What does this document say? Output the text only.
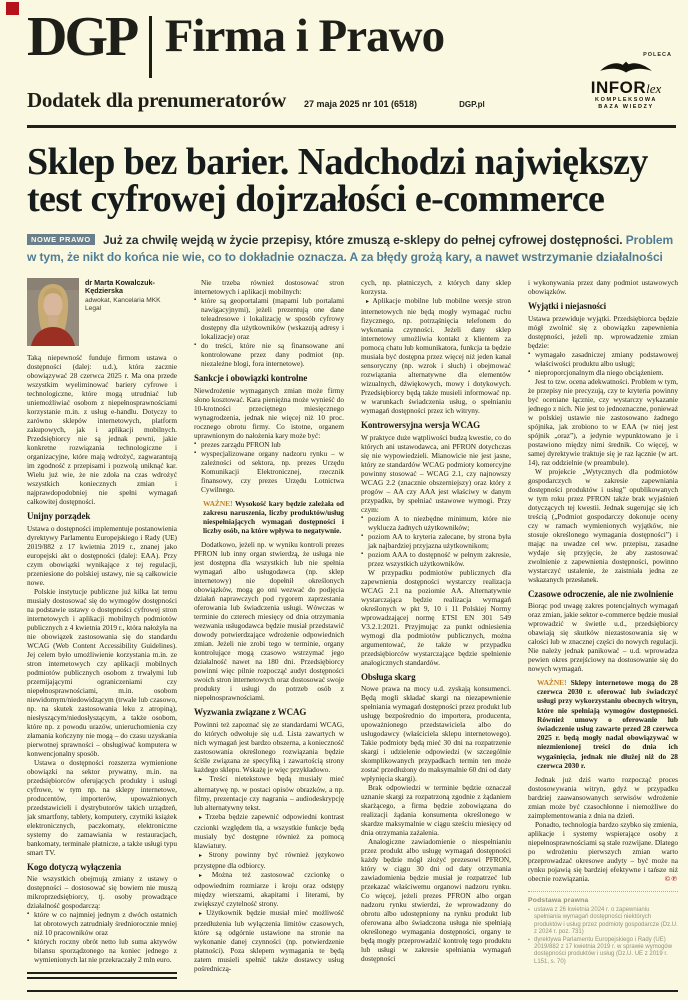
DGP Firma i Prawo
Dodatek dla prenumeratorów 27 maja 2025 nr 101 (6518)	DGP.pl
POLECA
INFORlex
KOMPLEKSOWA
BAZA WIEDZY
Sklep bez barier. Nadchodzi największy test cyfrowej dojrzałości e-commerce

NOWE PRAWO Już za chwilę wejdą w życie przepisy, które zmuszą e-sklepy do pełnej cyfrowej dostępności. Problem w tym, że nikt do końca nie wie, co to dokładnie oznacza. A za błędy grożą kary, a nawet wstrzymanie działalności

dr Marta Kowalczuk-Kędzierska
adwokat, Kancelaria MKK Legal

Taką niepewność funduje firmom ustawa o dostępności (dalej: u.d.), która zacznie obowiązywać 28 czerwca 2025 r. Ma ona przede wszystkim wyeliminować bariery cyfrowe i technologiczne, które mogą utrudniać lub uniemożliwiać osobom z niepełnosprawnościami korzystanie m.in. z usług e-handlu. Dotyczy to zarówno sklepów internetowych, platform zakupowych, jak i aplikacji mobilnych. Przedsiębiorcy nie są jednak pewni, jakie konkretne rozwiązania technologiczne i organizacyjne, które mają wdrożyć, zagwarantują im zgodność z przepisami i pozwolą uniknąć kar. Wielu już wie, że nie zdoła na czas wdrożyć wszystkich koniecznych zmian i najprawdopodobniej nie spełni wymagań całkowitej dostępności.

Unijny porządek

Ustawa o dostępności implementuje postanowienia dyrektywy Parlamentu Europejskiego i Rady (UE) 2019/882 z 17 kwietnia 2019 r., znanej jako europejski akt o dostępności (dalej: EAA). Przy czym obowiązki wynikające z tej regulacji, przeniesione do polskiej ustawy, nie są całkowicie nowe.

Polskie instytucje publiczne już kilka lat temu musiały dostosować się do wymogów dostępności na podstawie ustawy o dostępności cyfrowej stron internetowych i aplikacji mobilnych podmiotów publicznych z 4 kwietnia 2019 r., która nałożyła na nie obowiązek zastosowania się do standardu WCAG (Web Content Accessibility Guidelines). Jej celem było umożliwienie korzystania m.in. ze stron internetowych czy aplikacji mobilnych podmiotów publicznych osobom z trwałymi lub przemijającymi ograniczeniami czy niepełnosprawnościami, m.in. osobom niewidomym/niedowidzącym (trwale lub czasowo, np. na skutek zastosowania leku z atropiną), niesłyszącym/niedosłyszącym, a także osobom, które np. z powodu urazów, unieruchomienia czy złamania kończyny nie mogą – do czasu uzyskania pierwotnej sprawności – obsługiwać komputera w konwencjonalny sposób.

Ustawa o dostępności rozszerza wymienione obowiązki na sektor prywatny, m.in. na przedsiębiorców oferujących produkty i usługi cyfrowe, w tym np. na sklepy internetowe, producentów, importerów, upoważnionych przedstawicieli i dystrybutorów takich urządzeń, jak smartfony, tablety, komputery, czytniki książek elektronicznych, paczkomaty, elektroniczne systemy do zamawiania w restauracjach, bankomaty, terminale płatnicze, a także usługi typu smart TV.

Kogo dotyczą wyłączenia

Nie wszystkich obejmują zmiany z ustawy o dostępności – dostosować się bowiem nie muszą mikroprzedsiębiorcy, tj. osoby prowadzące działalność gospodarczą:

▪ które w co najmniej jednym z dwóch ostatnich lat obrotowych zatrudniały średniorocznie mniej niż 10 pracowników oraz
▪ których roczny obrót netto lub suma aktywów bilansu sporządzonego na koniec jednego z wymienionych lat nie przekraczały 2 mln euro.

Nie trzeba również dostosować stron internetowych i aplikacji mobilnych:

▪ które są geoportalami (mapami lub portalami nawigacyjnymi), jeżeli prezentują one dane teleadresowe i lokalizację w sposób cyfrowy dostępny dla użytkowników (wskazują adresy i lokalizacje) oraz
▪ do treści, które nie są finansowane ani kontrolowane przez dany podmiot (np. niezależne blogi, fora internetowe).
Sankcje i obowiązki kontrolne

Niewdrożenie wymaganych zmian może firmy słono kosztować. Kara pieniężna może wynieść do 10-krotności przeciętnego miesięcznego wynagrodzenia, jednak nie więcej niż 10 proc. rocznego obrotu firmy. Co istotne, organem uprawnionym do nałożenia kary może być:

▪ prezes zarządu PFRON lub
▪ wyspecjalizowane organy nadzoru rynku – w zależności od sektora, np. prezes Urzędu Komunikacji Elektronicznej, rzecznik finansowy, czy prezes Urzędu Lotnictwa Cywilnego.
WAŻNE! Wysokość kary będzie zależała od zakresu naruszenia, liczby produktów/usług niespełniających wymagań dostępności i liczby osób, na które wpływa to negatywnie.

Dodatkowo, jeżeli np. w wyniku kontroli prezes PFRON lub inny organ stwierdzą, że usługa nie jest dostępna dla wszystkich lub nie spełnia wymagań albo usługodawca (np. sklep internetowy) nie dopełnił określonych obowiązków, mogą go oni wezwać do podjęcia działań naprawczych pod rygorem zaprzestania oferowania lub świadczenia usługi. Wówczas w terminie do czterech miesięcy od dnia otrzymania wezwania usługodawca będzie musiał przedstawić dowody potwierdzające wdrożenie odpowiednich zmian. Jeżeli nie zrobi tego w terminie, organy kontrolujące mogą czasowo wstrzymać jego działalność nawet na 180 dni. Przedsiębiorcy powinni więc pilnie rozpocząć audyt dostępności swoich stron internetowych oraz dostosować swoje produkty i usługi do potrzeb osób z niepełnosprawnościami.

Wyzwania związane z WCAG

Powinni też zapoznać się ze standardami WCAG, do których odwołuje się u.d. Lista zawartych w nich wymagań jest bardzo obszerna, a konieczność zastosowania określonego rozwiązania będzie ściśle związana ze specyfiką i zawartością strony każdego sklepu. Wskażę je więc przykładowo.

▸ Treści nietekstowe będą musiały mieć alternatywę np. w postaci opisów obrazków, a np. filmy, prezentacje czy nagrania – audiodeskrypcję lub alternatywny tekst.

▸ Trzeba będzie zapewnić odpowiedni kontrast czcionki względem tła, a wszystkie funkcje będą musiały być dostępne również za pomocą klawiatury.

▸ Strony powinny być również językowo przystępne dla odbiorcy.

▸ Można też zastosować czcionkę o odpowiednim rozmiarze i kroju oraz odstępy między wierszami, akapitami i literami, by zwiększyć czytelność strony.

▸ Użytkownik będzie musiał mieć możliwość przedłużenia lub wyłączenia limitów czasowych, które są odgórnie ustawione na stronie na wykonanie danej czynności (np. potwierdzenie płatności). Poza sklepem wymagania te będą zatem musieli spełnić także dostawcy usług pośredniczą-

cych, np. płatniczych, z których dany sklep korzysta.

▸ Aplikacje mobilne lub mobilne wersje stron internetowych nie będą mogły wymagać ruchu fizycznego, np. potrząśnięcia telefonem do wykonania czynności. Jeżeli dany sklep internetowy umożliwia kontakt z klientem za pomocą chatu lub komunikatora, funkcja ta będzie musiała być dostępna przez więcej niż jeden kanał sensoryczny (np. wzrok i słuch) i obejmować rozwiązania alternatywne dla elementów wizualnych, dźwiękowych, mowy i dotykowych. Przedsiębiorcy będą także musieli informować np. w warunkach świadczenia usług, o spełnianiu wymagań dostępności przez ich witryny.

Kontrowersyjna wersja WCAG

W praktyce duże wątpliwości budzą kwestie, co do których ani ustawodawca, ani PFRON dotychczas się nie wypowiedzieli. Mianowicie nie jest jasne, który ze standardów WCAG podmioty komercyjne powinny stosować – WCAG 2.1, czy najnowszy WCAG 2.2 (znacznie obszerniejszy) oraz który z progów – AA czy AAA jest właściwy w danym przypadku, by spełniać ustawowe wymogi. Przy czym:

▪ poziom A to niezbędne minimum, które nie wyklucza żadnych użytkowników;
▪ poziom AA to kryteria zalecane, by strona była jak najbardziej przyjazna użytkownikom;
▪ poziom AAA to dostępność w pełnym zakresie, przez wszystkich użytkowników.

W przypadku podmiotów publicznych dla zapewnienia dostępności wystarczy realizacja WCAG 2.1 na poziomie AA. Alternatywnie wystarczająca będzie realizacja wymagań określonych w pkt 9, 10 i 11 Polskiej Normy wprowadzającej normę ETSI EN 301 549 V3.2.1:2021. Przyjmując za punkt odniesienia wymogi dla podmiotów publicznych, można argumentować, że także w przypadku przedsiębiorców wystarczające będzie spełnienie analogicznych standardów.

Obsługa skarg

Nowe prawa na mocy u.d. zyskają konsumenci. Będą mogli składać skargi na niezapewnienie spełniania wymagań dostępności przez produkt lub usługę bezpośrednio do importera, producenta, upoważnionego przedstawiciela albo do usługodawcy (właściciela sklepu internetowego). Takie podmioty będą mieć 30 dni na rozpatrzenie skargi i udzielenie odpowiedzi (w szczególnie skomplikowanych przypadkach termin ten może zostać przedłużony do maksymalnie 60 dni od daty wpłynięcia skargi).

Brak odpowiedzi w terminie będzie oznaczał uznanie skargi za rozpatrzoną zgodnie z żądaniem skarżącego, a firma będzie zobowiązana do realizacji żądania konsumenta określonego w skardze maksymalnie w ciągu sześciu miesięcy od dnia otrzymania zażalenia.

Analogiczne zawiadomienie o niespełnianiu przez produkt albo usługę wymagań dostępności każdy będzie mógł złożyć prezesowi PFRON, który w ciągu 30 dni od daty otrzymania zawiadomienia będzie musiał je rozpatrzeć lub przekazać właściwemu organowi nadzoru rynku. Co więcej, jeżeli prezes PFRON albo organ nadzoru rynku stwierdzi, że wprowadzony do obrotu albo udostępniony na rynku produkt lub oferowana albo świadczona usługa nie spełniają określonego wymagania dostępności, organy te będą mogły przeprowadzić kontrolę tego produktu lub usługi w zakresie spełniania wymagań dostępności

i wykonywania przez dany podmiot ustawowych obowiązków.

Wyjątki i niejasności

Ustawa przewiduje wyjątki. Przedsiębiorca będzie mógł zwolnić się z obowiązku zapewnienia dostępności, jeżeli np. wprowadzenie zmian będzie:

▪ wymagało zasadniczej zmiany podstawowej właściwości produktu albo usługi;
▪ nieproporcjonalnym dla niego obciążeniem.

Jest to tzw. ocena adekwatności. Problem w tym, że przepisy nie precyzują, czy te kryteria powinny być oceniane łącznie, czy wystarczy wykazanie jednego z nich. Nie jest to jednoznaczne, ponieważ w polskiej ustawie nie zastosowano żadnego spójnika, jak zrobiono to w EAA (w niej jest spójnik „oraz”), a jedynie wypunktowano je i postawiono między nimi średnik. Co więcej, w samej dyrektywie traktuje się je raz łącznie (w art. 14), raz oddzielnie (w preambule).

W projekcie „Wytycznych dla podmiotów gospodarczych w zakresie zapewniania dostępności produktów i usług” opublikowanych w tym roku przez PFRON także brak wyjaśnień dotyczących tej kwestii. Jednak sugerując się ich treścią („Podmiot gospodarczy dokonuje oceny czy w ramach wymienionych wyjątków, nie stosuje określonego wymagania dostępności”) i mając na uwadze cel ww. przepisu, zasadne wydaje się przyjęcie, że aby zastosować zwolnienie z zapewnienia dostępności, powinno wystarczyć ustalenie, że zaistniała jedna ze wskazanych przesłanek.

Czasowe odroczenie, ale nie zwolnienie

Biorąc pod uwagę zakres potencjalnych wymagań oraz zmian, jakie sektor e-commerce będzie musiał wprowadzić w świetle u.d., przedsiębiorcy obawiają się skutków niezastosowania się w całości lub w znacznej części do nowych regulacji. Nie należy jednak panikować – u.d. wprowadza pewien okres przejściowy na dostosowanie się do nowych wymagań.

WAŻNE! Sklepy internetowe mogą do 28 czerwca 2030 r. oferować lub świadczyć usługi przy wykorzystaniu obecnych witryn, które nie spełniają wymogów dostępności. Również umowy o oferowanie lub świadczenie usług zawarte przed 28 czerwca 2025 r. będą mogły nadal obowiązywać w niezmienionej treści do dnia ich wygaśnięcia, jednak nie dłużej niż do 28 czerwca 2030 r.

Jednak już dziś warto rozpocząć proces dostosowywania witryn, gdyż w przypadku bardziej zaawansowanych serwisów wdrożenie zmian może być czasochłonne i niemożliwe do zaimplementowania z dnia na dzień.

Ponadto, technologia bardzo szybko się zmienia, aplikacje i systemy wspierające osoby z niepełnosprawnościami są stale rozwijane. Dlatego po wdrożeniu pierwszych zmian warto przeprowadzać okresowe audyty – być może na rynku pojawią się bardziej efektywne i tańsze niż obecnie rozwiązania.	©℗

Podstawa prawna
▪ ustawa z 26 kwietnia 2024 r. o zapewnianiu spełniania wymagań dostępności niektórych produktów i usług przez podmioty gospodarcze (Dz.U. z 2024 r. poz. 731)
▪ dyrektywa Parlamentu Europejskiego i Rady (UE) 2019/882 z 17 kwietnia 2019 r. w sprawie wymogów dostępności produktów i usług (Dz.U. UE z 2019 r. L151, s. 70)
